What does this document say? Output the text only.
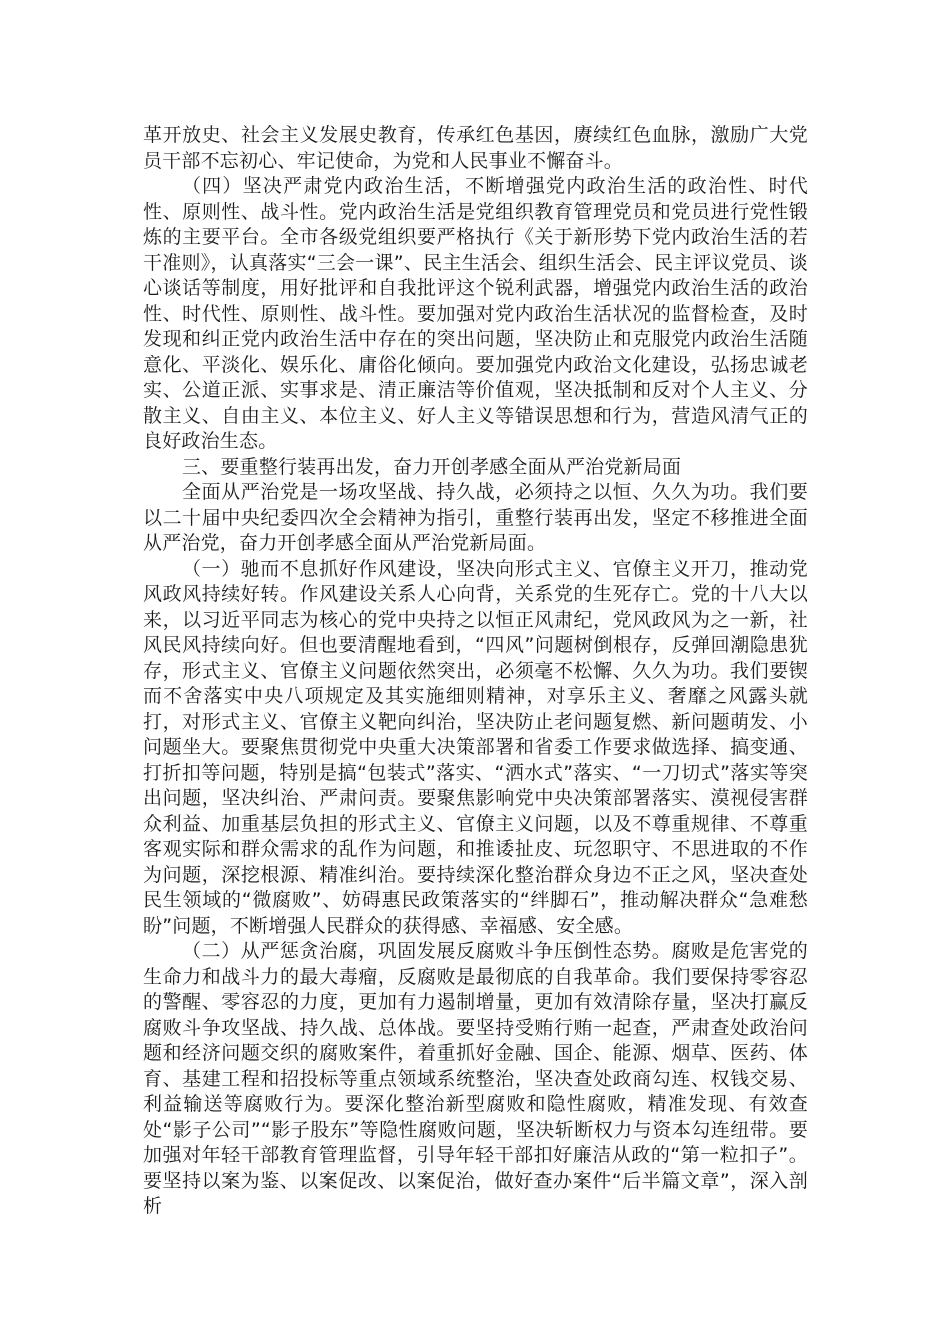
革开放史、社会主义发展史教育，传承红色基因，赓续红色血脉，激励广大党员干部不忘初心、牢记使命，为党和人民事业不懈奋斗。

（四）坚决严肃党内政治生活，不断增强党内政治生活的政治性、时代性、原则性、战斗性。党内政治生活是党组织教育管理党员和党员进行党性锻炼的主要平台。全市各级党组织要严格执行《关于新形势下党内政治生活的若干准则》，认真落实“三会一课”、民主生活会、组织生活会、民主评议党员、谈心谈话等制度，用好批评和自我批评这个锐利武器，增强党内政治生活的政治性、时代性、原则性、战斗性。要加强对党内政治生活状况的监督检查，及时发现和纠正党内政治生活中存在的突出问题，坚决防止和克服党内政治生活随意化、平淡化、娱乐化、庸俗化倾向。要加强党内政治文化建设，弘扬忠诚老实、公道正派、实事求是、清正廉洁等价值观，坚决抵制和反对个人主义、分散主义、自由主义、本位主义、好人主义等错误思想和行为，营造风清气正的良好政治生态。

三、要重整行装再出发，奋力开创孝感全面从严治党新局面

全面从严治党是一场攻坚战、持久战，必须持之以恒、久久为功。我们要以二十届中央纪委四次全会精神为指引，重整行装再出发，坚定不移推进全面从严治党，奋力开创孝感全面从严治党新局面。

（一）驰而不息抓好作风建设，坚决向形式主义、官僚主义开刀，推动党风政风持续好转。作风建设关系人心向背，关系党的生死存亡。党的十八大以来，以习近平同志为核心的党中央持之以恒正风肃纪，党风政风为之一新，社风民风持续向好。但也要清醒地看到，“四风”问题树倒根存，反弹回潮隐患犹存，形式主义、官僚主义问题依然突出，必须毫不松懈、久久为功。我们要锲而不舍落实中央八项规定及其实施细则精神，对享乐主义、奢靡之风露头就打，对形式主义、官僚主义靶向纠治，坚决防止老问题复燃、新问题萌发、小问题坐大。要聚焦贯彻党中央重大决策部署和省委工作要求做选择、搞变通、打折扣等问题，特别是搞“包装式”落实、“洒水式”落实、“一刀切式”落实等突出问题，坚决纠治、严肃问责。要聚焦影响党中央决策部署落实、漠视侵害群众利益、加重基层负担的形式主义、官僚主义问题，以及不尊重规律、不尊重客观实际和群众需求的乱作为问题，和推诿扯皮、玩忽职守、不思进取的不作为问题，深挖根源、精准纠治。要持续深化整治群众身边不正之风，坚决查处民生领域的“微腐败”、妨碍惠民政策落实的“绊脚石”，推动解决群众“急难愁盼”问题，不断增强人民群众的获得感、幸福感、安全感。

（二）从严惩贪治腐，巩固发展反腐败斗争压倒性态势。腐败是危害党的生命力和战斗力的最大毒瘤，反腐败是最彻底的自我革命。我们要保持零容忍的警醒、零容忍的力度，更加有力遏制增量，更加有效清除存量，坚决打赢反腐败斗争攻坚战、持久战、总体战。要坚持受贿行贿一起查，严肃查处政治问题和经济问题交织的腐败案件，着重抓好金融、国企、能源、烟草、医药、体育、基建工程和招投标等重点领域系统整治，坚决查处政商勾连、权钱交易、利益输送等腐败行为。要深化整治新型腐败和隐性腐败，精准发现、有效查处“影子公司”“影子股东”等隐性腐败问题，坚决斩断权力与资本勾连纽带。要加强对年轻干部教育管理监督，引导年轻干部扣好廉洁从政的“第一粒扣子”。要坚持以案为鉴、以案促改、以案促治，做好查办案件“后半篇文章”，深入剖析
